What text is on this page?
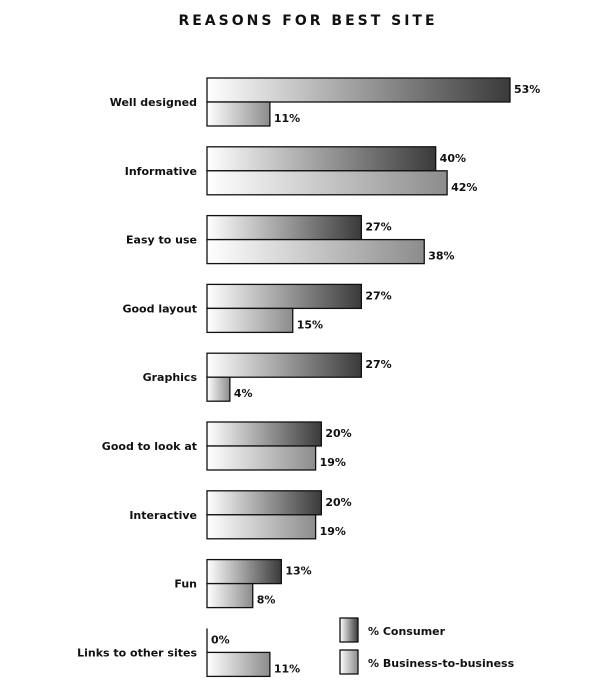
REASONS FOR BEST SITE
Well designed
53%
11%
Informative
40%
42%
Easy to use
27%
38%
Good layout
27%
15%
Graphics
27%
4%
Good to look at
20%
19%
Interactive
20%
19%
Fun
13%
8%
Links to other sites
0%
11%
% Consumer
% Business-to-business
